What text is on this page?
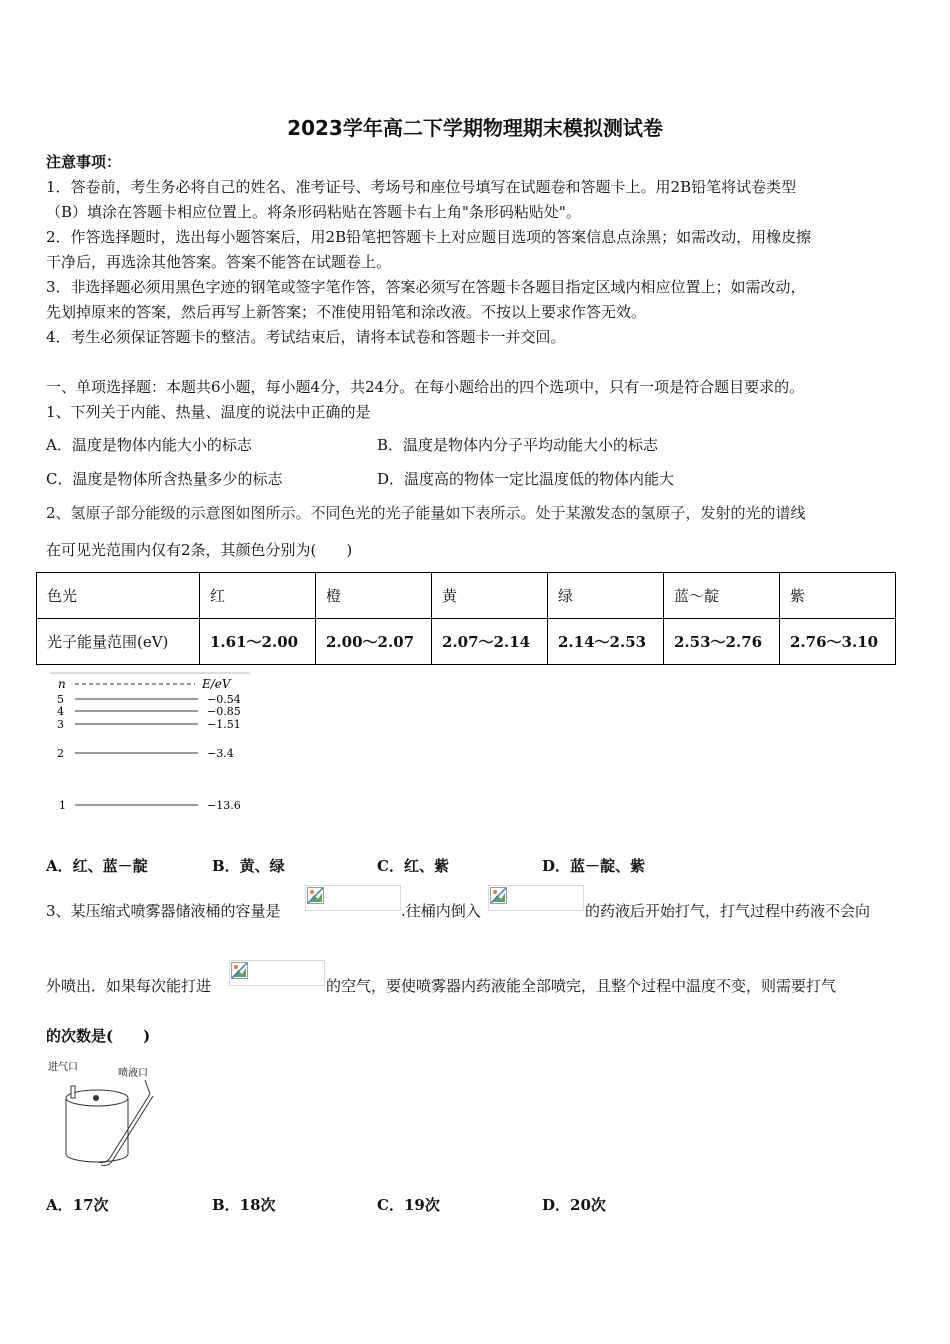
2023学年高二下学期物理期末模拟测试卷
注意事项：
1．答卷前，考生务必将自己的姓名、准考证号、考场号和座位号填写在试题卷和答题卡上。用2B铅笔将试卷类型
（B）填涂在答题卡相应位置上。将条形码粘贴在答题卡右上角"条形码粘贴处"。
2．作答选择题时，选出每小题答案后，用2B铅笔把答题卡上对应题目选项的答案信息点涂黑；如需改动，用橡皮擦
干净后，再选涂其他答案。答案不能答在试题卷上。
3．非选择题必须用黑色字迹的钢笔或签字笔作答，答案必须写在答题卡各题目指定区域内相应位置上；如需改动，
先划掉原来的答案，然后再写上新答案；不准使用铅笔和涂改液。不按以上要求作答无效。
4．考生必须保证答题卡的整洁。考试结束后，请将本试卷和答题卡一并交回。
一、单项选择题：本题共6小题，每小题4分，共24分。在每小题给出的四个选项中，只有一项是符合题目要求的。
1、下列关于内能、热量、温度的说法中正确的是
A．温度是物体内能大小的标志	B．温度是物体内分子平均动能大小的标志
C．温度是物体所含热量多少的标志	D．温度高的物体一定比温度低的物体内能大
2、氢原子部分能级的示意图如图所示。不同色光的光子能量如下表所示。处于某激发态的氢原子，发射的光的谱线
在可见光范围内仅有2条，其颜色分别为(　　)
色光	红	橙	黄	绿	蓝～靛	紫
光子能量范围(eV)	1.61～2.00	2.00～2.07	2.07～2.14	2.14～2.53	2.53～2.76	2.76～3.10
n	E/eV
5	−0.54
4	−0.85
3	−1.51
2	−3.4
1	−13.6
A．红、蓝－靛	B．黄、绿	C．红、紫	D．蓝－靛、紫
3、某压缩式喷雾器储液桶的容量是	.往桶内倒入	的药液后开始打气，打气过程中药液不会向
外喷出．如果每次能打进	的空气，要使喷雾器内药液能全部喷完，且整个过程中温度不变，则需要打气
的次数是(　　)
进气口
喷液口
A．17次	B．18次	C．19次	D．20次
